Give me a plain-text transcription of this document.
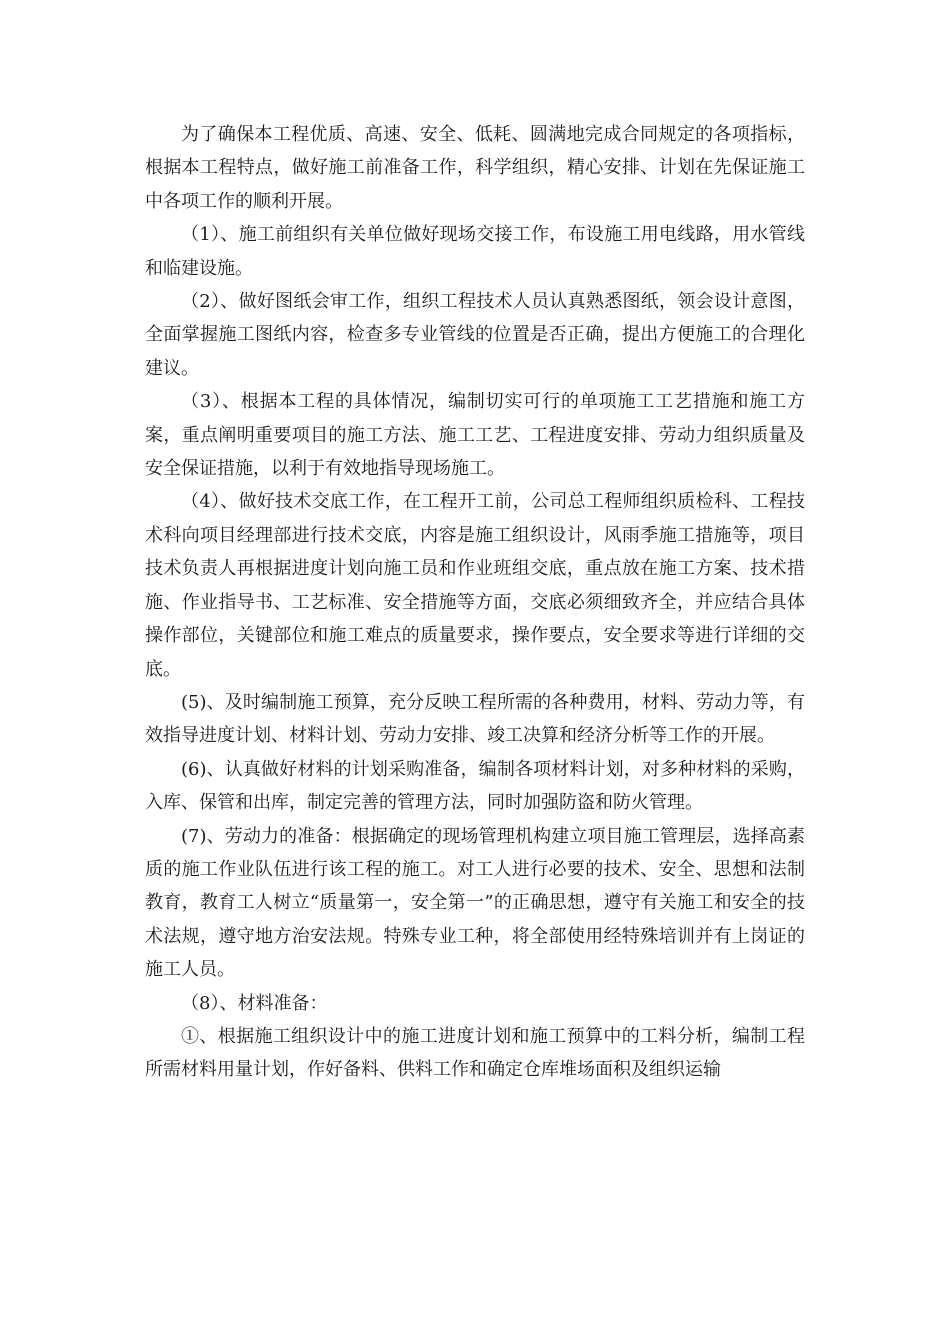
为了确保本工程优质、高速、安全、低耗、圆满地完成合同规定的各项指标，根据本工程特点，做好施工前准备工作，科学组织，精心安排、计划在先保证施工中各项工作的顺利开展。

（1）、施工前组织有关单位做好现场交接工作，布设施工用电线路，用水管线和临建设施。

（2）、做好图纸会审工作，组织工程技术人员认真熟悉图纸，领会设计意图，全面掌握施工图纸内容，检查多专业管线的位置是否正确，提出方便施工的合理化建议。

（3）、根据本工程的具体情况，编制切实可行的单项施工工艺措施和施工方案，重点阐明重要项目的施工方法、施工工艺、工程进度安排、劳动力组织质量及安全保证措施，以利于有效地指导现场施工。

（4）、做好技术交底工作，在工程开工前，公司总工程师组织质检科、工程技术科向项目经理部进行技术交底，内容是施工组织设计，风雨季施工措施等，项目技术负责人再根据进度计划向施工员和作业班组交底，重点放在施工方案、技术措施、作业指导书、工艺标准、安全措施等方面，交底必须细致齐全，并应结合具体操作部位，关键部位和施工难点的质量要求，操作要点，安全要求等进行详细的交底。

(5)、及时编制施工预算，充分反映工程所需的各种费用，材料、劳动力等，有效指导进度计划、材料计划、劳动力安排、竣工决算和经济分析等工作的开展。

(6)、认真做好材料的计划采购准备，编制各项材料计划，对多种材料的采购，入库、保管和出库，制定完善的管理方法，同时加强防盗和防火管理。

(7)、劳动力的准备：根据确定的现场管理机构建立项目施工管理层，选择高素质的施工作业队伍进行该工程的施工。对工人进行必要的技术、安全、思想和法制教育，教育工人树立“质量第一，安全第一”的正确思想，遵守有关施工和安全的技术法规，遵守地方治安法规。特殊专业工种，将全部使用经特殊培训并有上岗证的施工人员。

（8）、材料准备：

①、根据施工组织设计中的施工进度计划和施工预算中的工料分析，编制工程所需材料用量计划，作好备料、供料工作和确定仓库堆场面积及组织运输
